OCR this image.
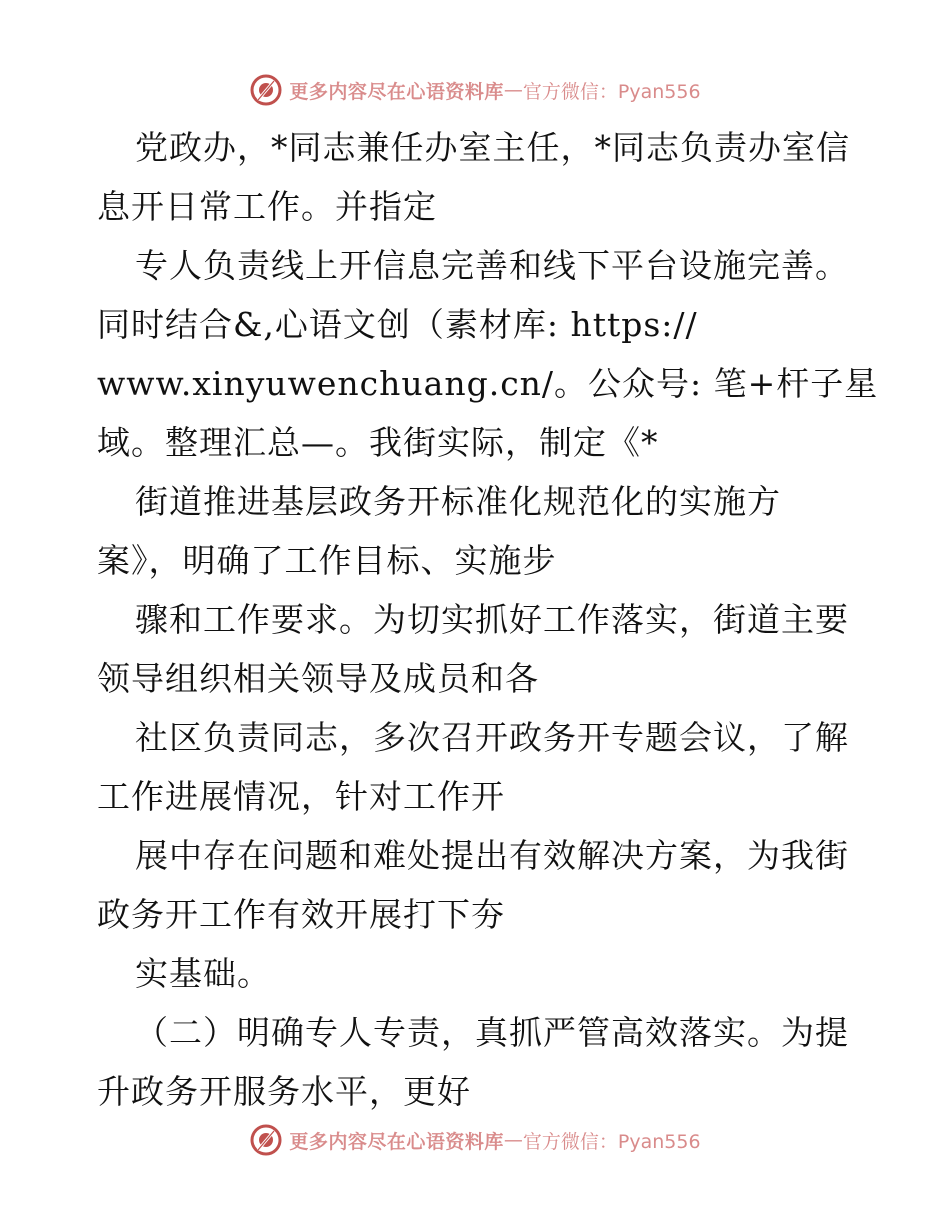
更多内容尽在心语资料库 — 官方微信：Pyan556
党政办，*同志兼任办室主任，*同志负责办室信
息开日常工作。并指定
专人负责线上开信息完善和线下平台设施完善。
同时结合&,心语文创（素材库: https://
www.xinyuwenchuang.cn/。公众号: 笔+杆子星
域。整理汇总—。我街实际，制定《*
街道推进基层政务开标准化规范化的实施方
案》，明确了工作目标、实施步
骤和工作要求。为切实抓好工作落实，街道主要
领导组织相关领导及成员和各
社区负责同志，多次召开政务开专题会议，了解
工作进展情况，针对工作开
展中存在问题和难处提出有效解决方案，为我街
政务开工作有效开展打下夯
实基础。
（二）明确专人专责，真抓严管高效落实。为提
升政务开服务水平，更好
更多内容尽在心语资料库 — 官方微信：Pyan556
